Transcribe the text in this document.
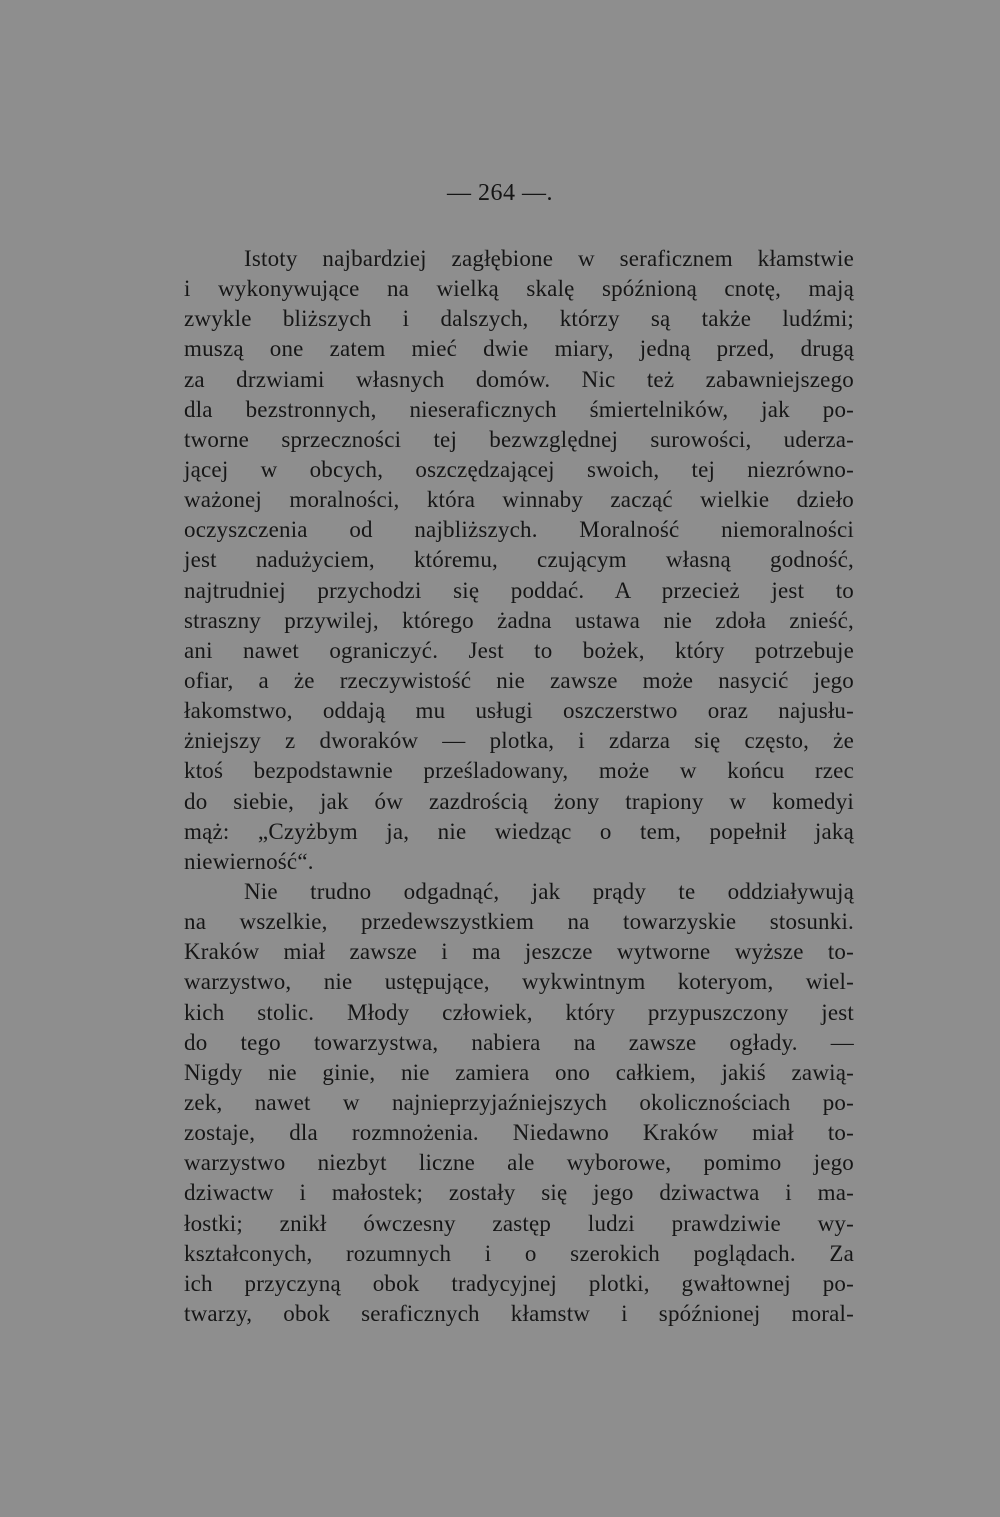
— 264 —.
Istoty najbardziej zagłębione w seraficznem kłamstwie
i wykonywujące na wielką skalę spóźnioną cnotę, mają
zwykle bliższych i dalszych, którzy są także ludźmi;
muszą one zatem mieć dwie miary, jedną przed, drugą
za drzwiami własnych domów. Nic też zabawniejszego
dla bezstronnych, nieseraficznych śmiertelników, jak po-
tworne sprzeczności tej bezwzględnej surowości, uderza-
jącej w obcych, oszczędzającej swoich, tej niezrówno-
ważonej moralności, która winnaby zacząć wielkie dzieło
oczyszczenia od najbliższych. Moralność niemoralności
jest nadużyciem, któremu, czującym własną godność,
najtrudniej przychodzi się poddać. A przecież jest to
straszny przywilej, którego żadna ustawa nie zdoła znieść,
ani nawet ograniczyć. Jest to bożek, który potrzebuje
ofiar, a że rzeczywistość nie zawsze może nasycić jego
łakomstwo, oddają mu usługi oszczerstwo oraz najusłu-
żniejszy z dworaków — plotka, i zdarza się często, że
ktoś bezpodstawnie prześladowany, może w końcu rzec
do siebie, jak ów zazdrością żony trapiony w komedyi
mąż: „Czyżbym ja, nie wiedząc o tem, popełnił jaką
niewierność“.
Nie trudno odgadnąć, jak prądy te oddziaływują
na wszelkie, przedewszystkiem na towarzyskie stosunki.
Kraków miał zawsze i ma jeszcze wytworne wyższe to-
warzystwo, nie ustępujące, wykwintnym koteryom, wiel-
kich stolic. Młody człowiek, który przypuszczony jest
do tego towarzystwa, nabiera na zawsze ogłady. —
Nigdy nie ginie, nie zamiera ono całkiem, jakiś zawią-
zek, nawet w najnieprzyjaźniejszych okolicznościach po-
zostaje, dla rozmnożenia. Niedawno Kraków miał to-
warzystwo niezbyt liczne ale wyborowe, pomimo jego
dziwactw i małostek; zostały się jego dziwactwa i ma-
łostki; znikł ówczesny zastęp ludzi prawdziwie wy-
kształconych, rozumnych i o szerokich poglądach. Za
ich przyczyną obok tradycyjnej plotki, gwałtownej po-
twarzy, obok seraficznych kłamstw i spóźnionej moral-
